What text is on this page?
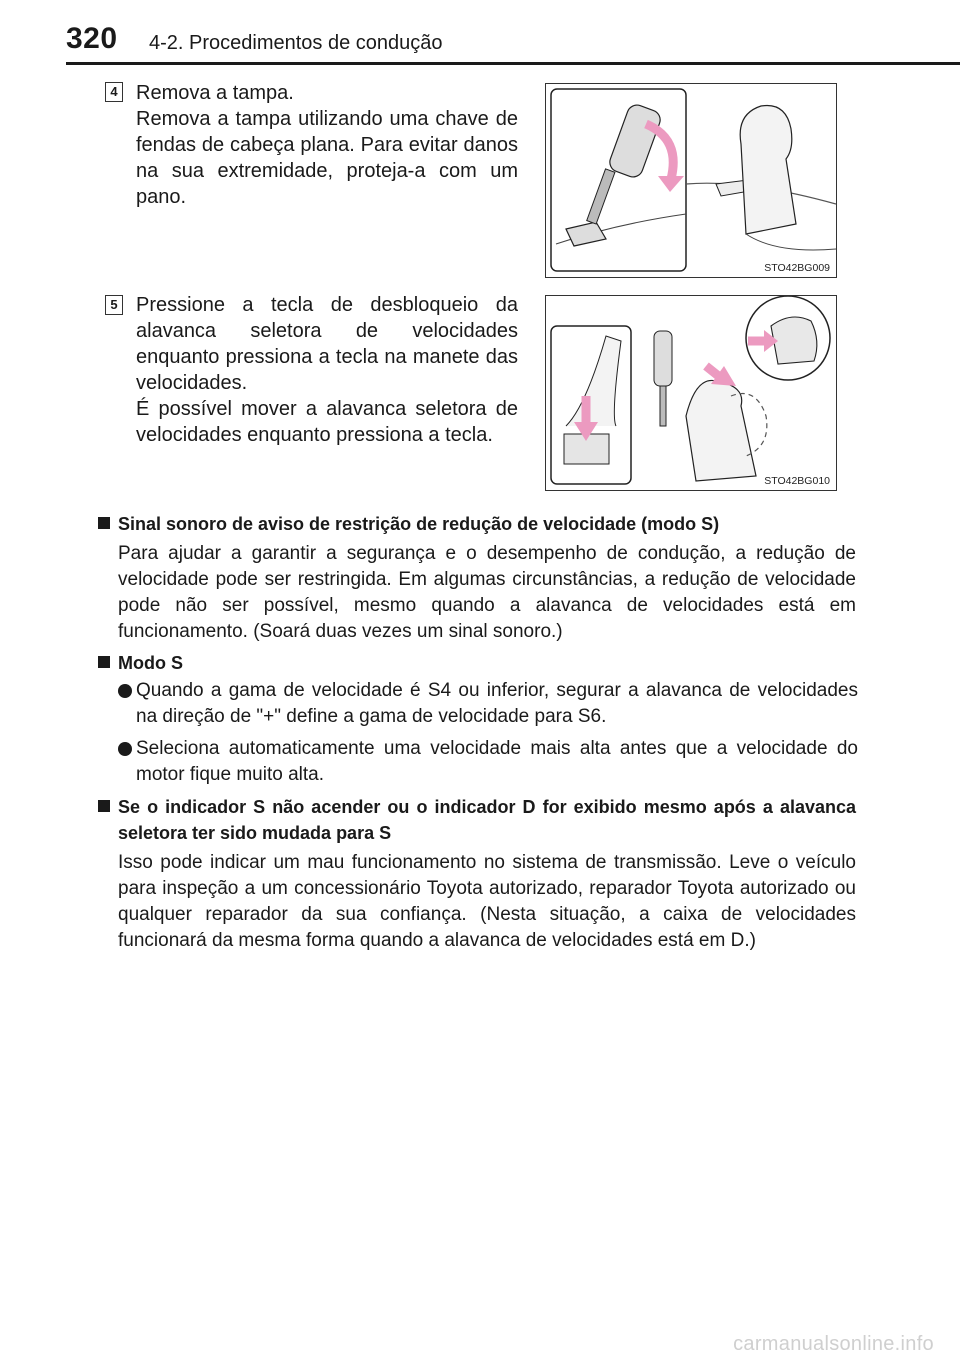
320 4-2. Procedimentos de condução
4 Remova a tampa.

Remova a tampa utilizando uma chave de fendas de cabeça plana. Para evitar danos na sua extremidade, proteja-a com um pano.

STO42BG009
5 Pressione a tecla de desbloqueio da alavanca seletora de velocidades enquanto pressiona a tecla na manete das velocidades.

É possível mover a alavanca seletora de velocidades enquanto pressiona a tecla.

STO42BG010
Sinal sonoro de aviso de restrição de redução de velocidade (modo S)
Para ajudar a garantir a segurança e o desempenho de condução, a redução de velocidade pode ser restringida. Em algumas circunstâncias, a redução de velocidade pode não ser possível, mesmo quando a alavanca de velocidades está em funcionamento. (Soará duas vezes um sinal sonoro.)
Modo S
Quando a gama de velocidade é S4 ou inferior, segurar a alavanca de velocidades na direção de "+" define a gama de velocidade para S6.
Seleciona automaticamente uma velocidade mais alta antes que a velocidade do motor fique muito alta.
Se o indicador S não acender ou o indicador D for exibido mesmo após a alavanca seletora ter sido mudada para S
Isso pode indicar um mau funcionamento no sistema de transmissão. Leve o veículo para inspeção a um concessionário Toyota autorizado, reparador Toyota autorizado ou qualquer reparador da sua confiança. (Nesta situação, a caixa de velocidades funcionará da mesma forma quando a alavanca de velocidades está em D.)
carmanualsonline.info
